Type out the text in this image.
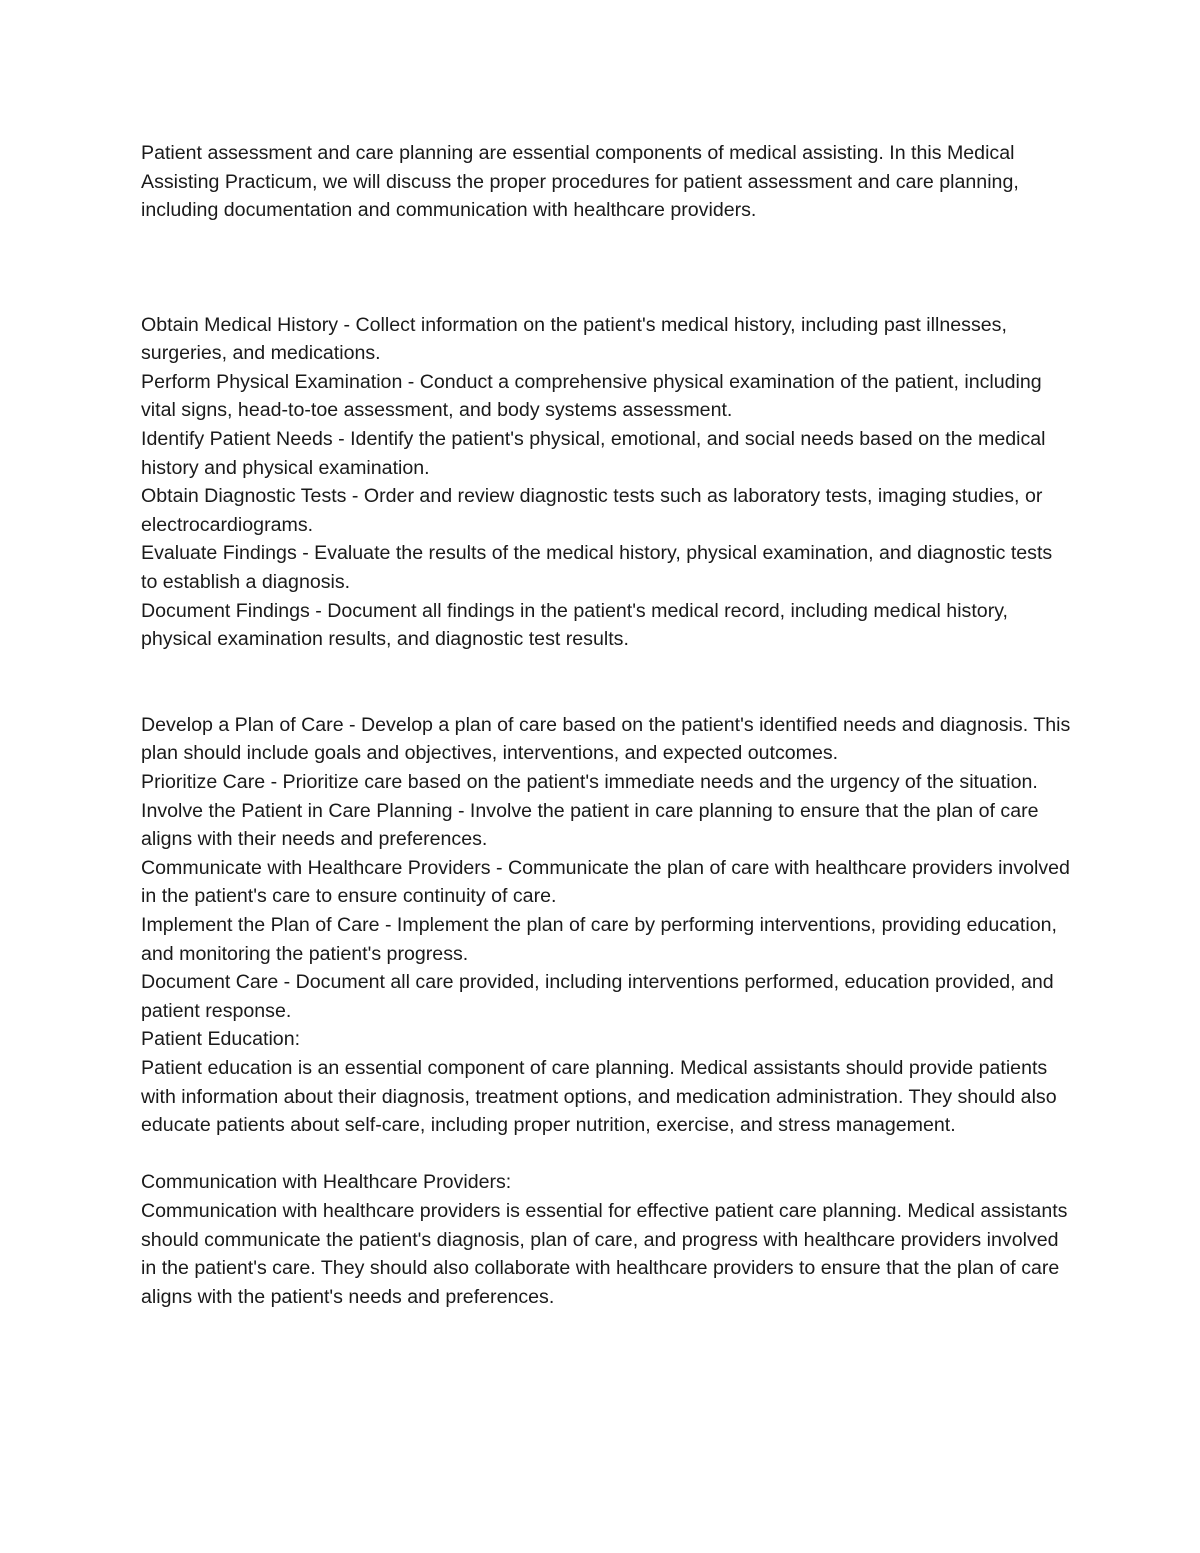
Patient assessment and care planning are essential components of medical assisting. In this Medical Assisting Practicum, we will discuss the proper procedures for patient assessment and care planning, including documentation and communication with healthcare providers.

Obtain Medical History - Collect information on the patient's medical history, including past illnesses, surgeries, and medications.

Perform Physical Examination - Conduct a comprehensive physical examination of the patient, including vital signs, head-to-toe assessment, and body systems assessment.

Identify Patient Needs - Identify the patient's physical, emotional, and social needs based on the medical history and physical examination.

Obtain Diagnostic Tests - Order and review diagnostic tests such as laboratory tests, imaging studies, or electrocardiograms.

Evaluate Findings - Evaluate the results of the medical history, physical examination, and diagnostic tests to establish a diagnosis.

Document Findings - Document all findings in the patient's medical record, including medical history, physical examination results, and diagnostic test results.

Develop a Plan of Care - Develop a plan of care based on the patient's identified needs and diagnosis. This plan should include goals and objectives, interventions, and expected outcomes.

Prioritize Care - Prioritize care based on the patient's immediate needs and the urgency of the situation.

Involve the Patient in Care Planning - Involve the patient in care planning to ensure that the plan of care aligns with their needs and preferences.

Communicate with Healthcare Providers - Communicate the plan of care with healthcare providers involved in the patient's care to ensure continuity of care.

Implement the Plan of Care - Implement the plan of care by performing interventions, providing education, and monitoring the patient's progress.

Document Care - Document all care provided, including interventions performed, education provided, and patient response.

Patient Education:

Patient education is an essential component of care planning. Medical assistants should provide patients with information about their diagnosis, treatment options, and medication administration. They should also educate patients about self-care, including proper nutrition, exercise, and stress management.

Communication with Healthcare Providers:

Communication with healthcare providers is essential for effective patient care planning. Medical assistants should communicate the patient's diagnosis, plan of care, and progress with healthcare providers involved in the patient's care. They should also collaborate with healthcare providers to ensure that the plan of care aligns with the patient's needs and preferences.
